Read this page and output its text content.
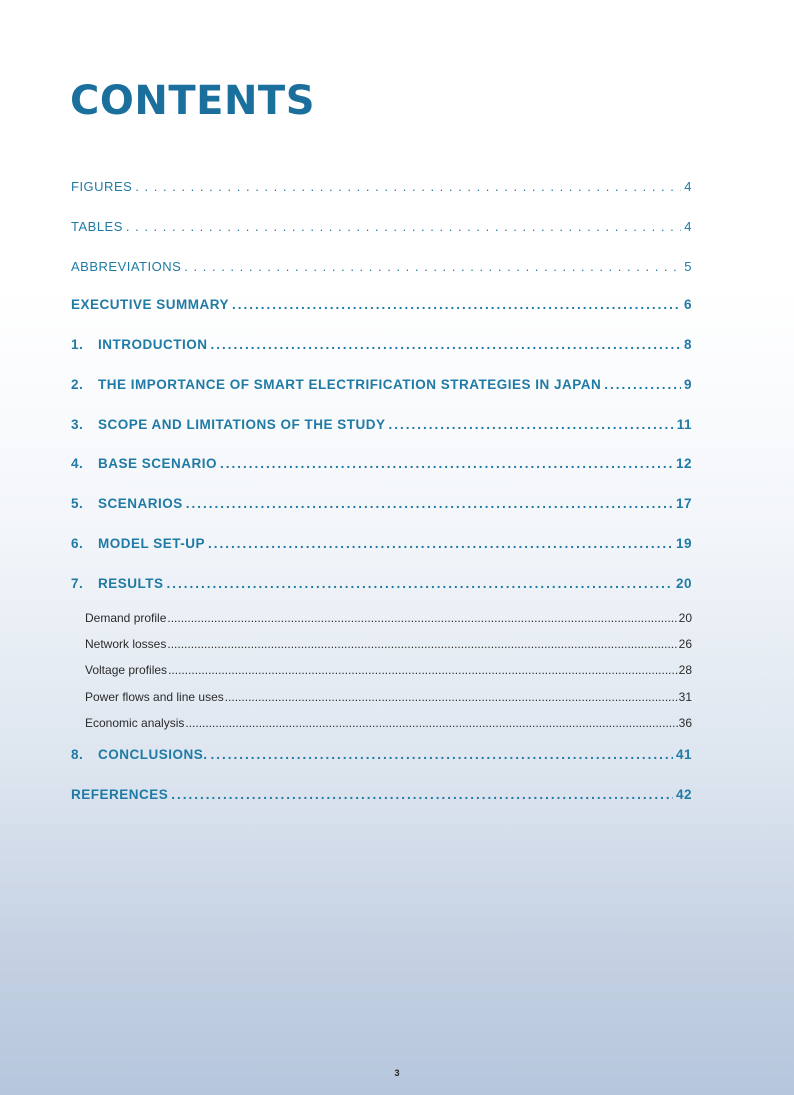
CONTENTS
FIGURES . . .	4
TABLES . . .	4
ABBREVIATIONS . . .	5
EXECUTIVE SUMMARY .....	6
1.	INTRODUCTION .....	8
2.	THE IMPORTANCE OF SMART ELECTRIFICATION STRATEGIES IN JAPAN .....	9
3.	SCOPE AND LIMITATIONS OF THE STUDY .....	11
4.	BASE SCENARIO .....	12
5.	SCENARIOS .....	17
6.	MODEL SET-UP .....	19
7.	RESULTS .....	20
Demand profile .....	20
Network losses .....	26
Voltage profiles .....	28
Power flows and line uses .....	31
Economic analysis .....	36
8.	CONCLUSIONS. .....	41
REFERENCES .....	42
3
